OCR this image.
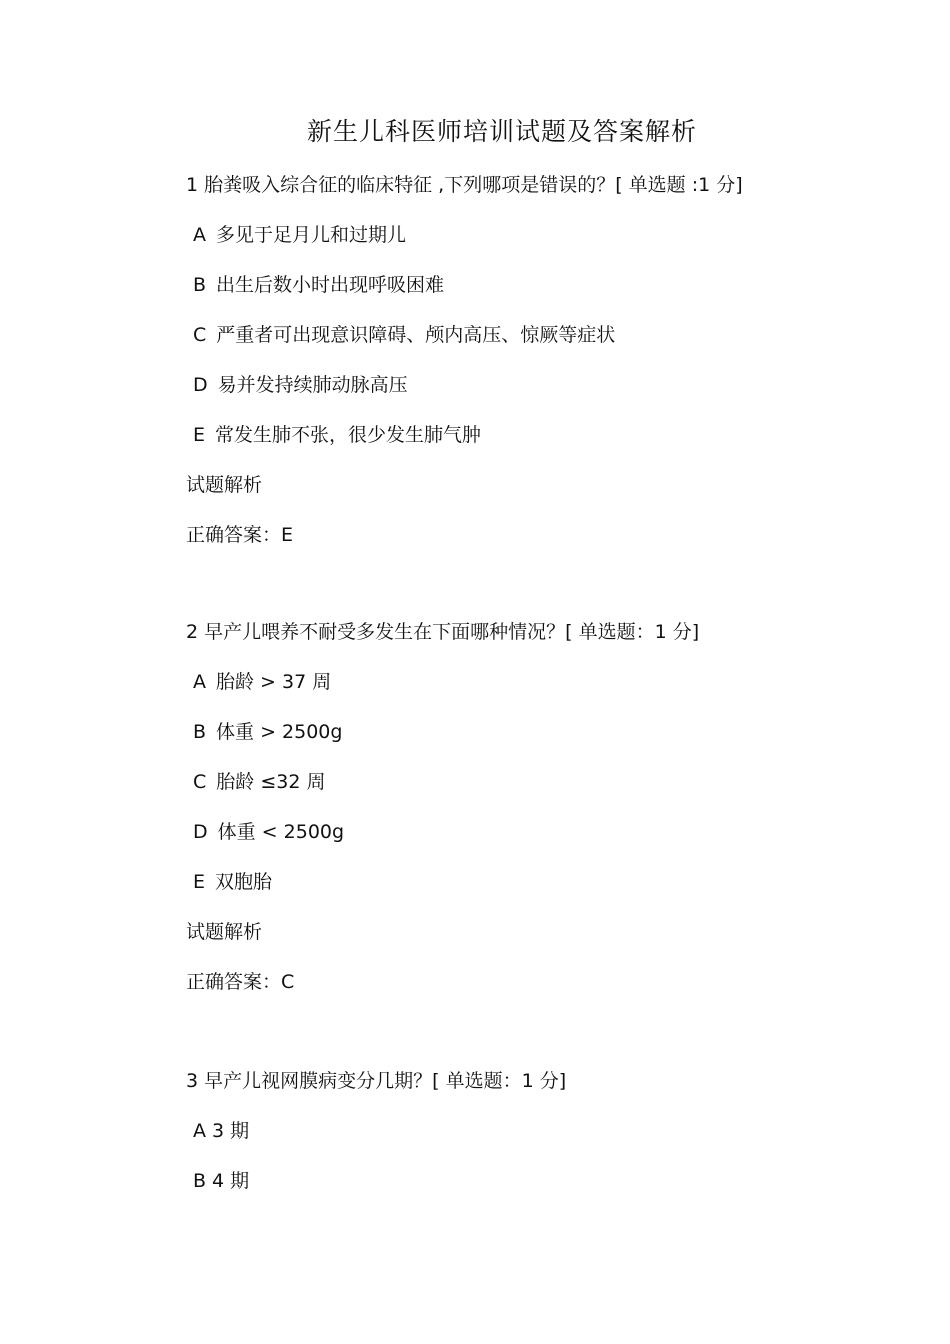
新生儿科医师培训试题及答案解析
1 胎粪吸入综合征的临床特征 ,下列哪项是错误的？[ 单选题 :1 分]
A 多见于足月儿和过期儿
B 出生后数小时出现呼吸困难
C 严重者可出现意识障碍、颅内高压、惊厥等症状
D 易并发持续肺动脉高压
E 常发生肺不张，很少发生肺气肿
试题解析
正确答案：E
2 早产儿喂养不耐受多发生在下面哪种情况？[ 单选题：1 分]
A 胎龄 > 37 周
B 体重 > 2500g
C 胎龄 ≤32 周
D 体重 < 2500g
E 双胞胎
试题解析
正确答案：C
3 早产儿视网膜病变分几期？[ 单选题：1 分]
A 3 期
B 4 期
